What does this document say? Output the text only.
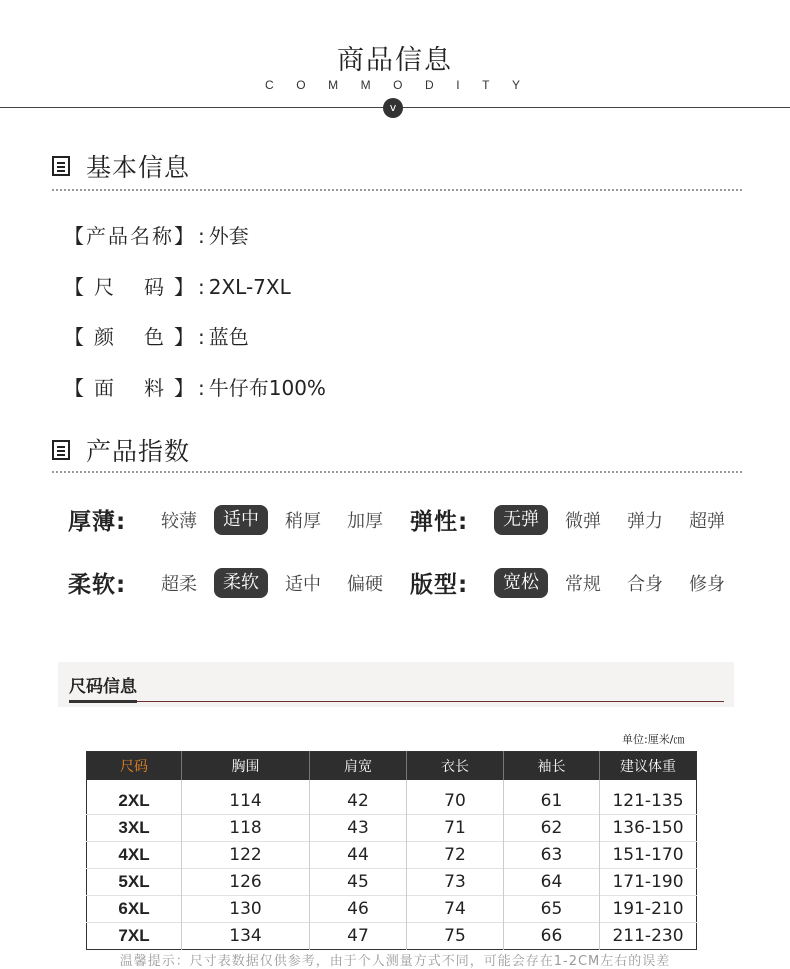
商品信息
C O M M O D I T Y
v
基本信息
【 产 品 名 称 】 : 外套
【 尺 码 】 : 2XL-7XL
【 颜 色 】 : 蓝色
【 面 料 】 : 牛仔布100%
产品指数
厚薄:	较薄	适中	稍厚	加厚	弹性:	无弹	微弹	弹力	超弹
柔软:	超柔	柔软	适中	偏硬	版型:	宽松	常规	合身	修身
尺码信息
单位:厘米/㎝
尺码	胸围	肩宽	衣长	袖长	建议体重
2XL	114	42	70	61	121-135
3XL	118	43	71	62	136-150
4XL	122	44	72	63	151-170
5XL	126	45	73	64	171-190
6XL	130	46	74	65	191-210
7XL	134	47	75	66	211-230
温馨提示：尺寸表数据仅供参考，由于个人测量方式不同，可能会存在1-2CM左右的误差
